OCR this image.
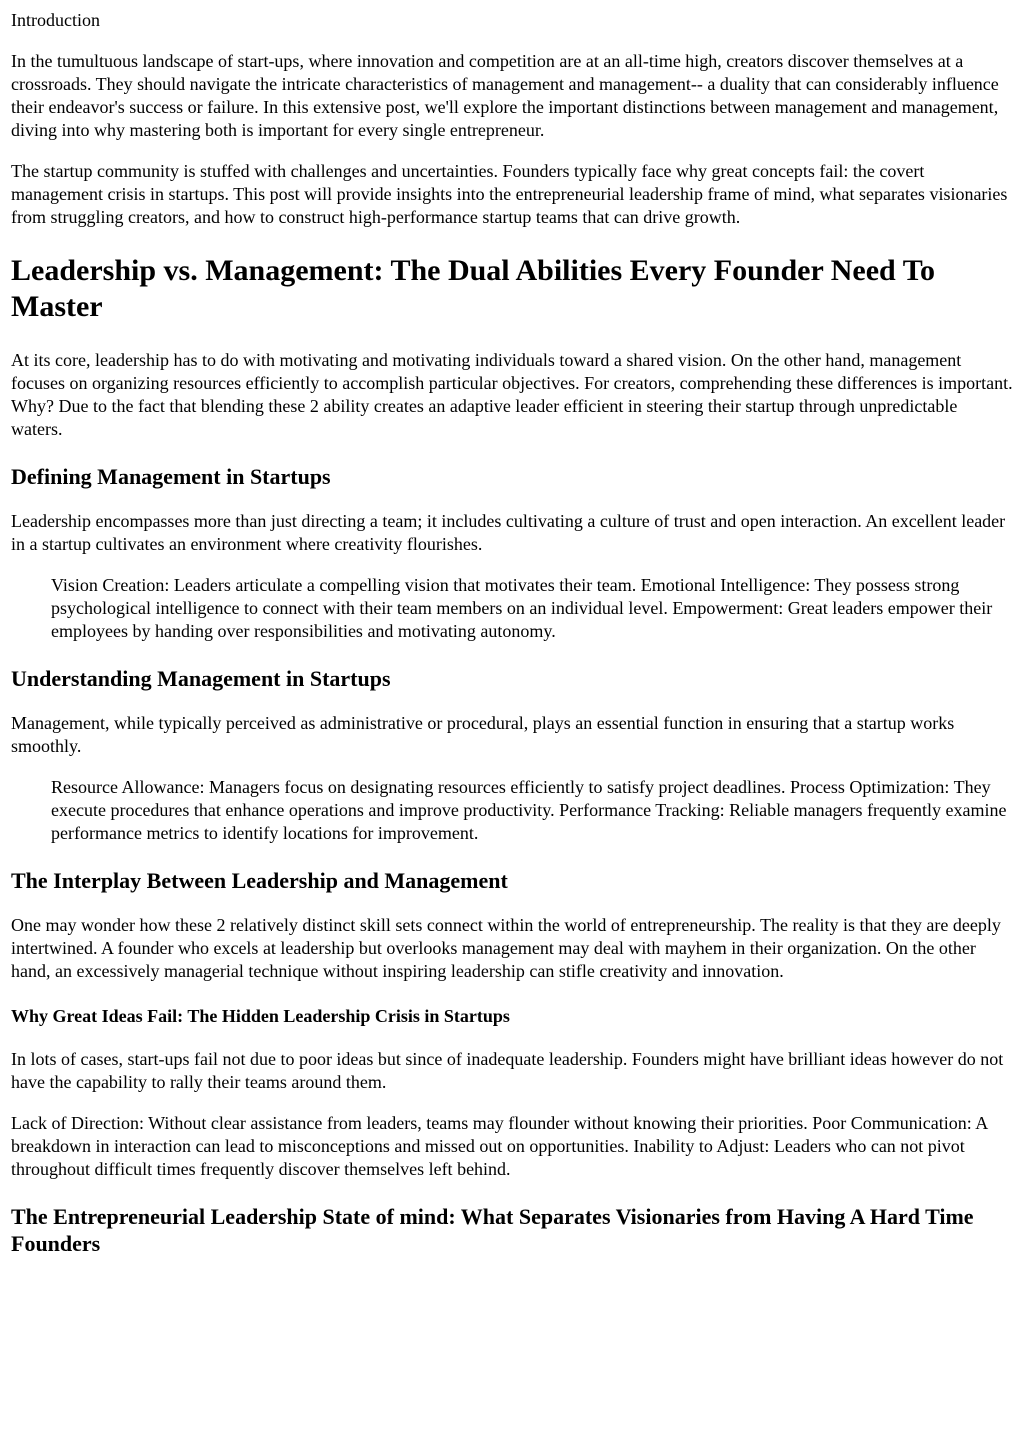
Introduction

In the tumultuous landscape of start-ups, where innovation and competition are at an all-time high, creators discover themselves at a crossroads. They should navigate the intricate characteristics of management and management-- a duality that can considerably influence their endeavor's success or failure. In this extensive post, we'll explore the important distinctions between management and management, diving into why mastering both is important for every single entrepreneur.

The startup community is stuffed with challenges and uncertainties. Founders typically face why great concepts fail: the covert management crisis in startups. This post will provide insights into the entrepreneurial leadership frame of mind, what separates visionaries from struggling creators, and how to construct high-performance startup teams that can drive growth.

Leadership vs. Management: The Dual Abilities Every Founder Need To Master

At its core, leadership has to do with motivating and motivating individuals toward a shared vision. On the other hand, management focuses on organizing resources efficiently to accomplish particular objectives. For creators, comprehending these differences is important. Why? Due to the fact that blending these 2 ability creates an adaptive leader efficient in steering their startup through unpredictable waters.

Defining Management in Startups

Leadership encompasses more than just directing a team; it includes cultivating a culture of trust and open interaction. An excellent leader in a startup cultivates an environment where creativity flourishes.

Vision Creation: Leaders articulate a compelling vision that motivates their team. Emotional Intelligence: They possess strong psychological intelligence to connect with their team members on an individual level. Empowerment: Great leaders empower their employees by handing over responsibilities and motivating autonomy.
Understanding Management in Startups

Management, while typically perceived as administrative or procedural, plays an essential function in ensuring that a startup works smoothly.

Resource Allowance: Managers focus on designating resources efficiently to satisfy project deadlines. Process Optimization: They execute procedures that enhance operations and improve productivity. Performance Tracking: Reliable managers frequently examine performance metrics to identify locations for improvement.
The Interplay Between Leadership and Management

One may wonder how these 2 relatively distinct skill sets connect within the world of entrepreneurship. The reality is that they are deeply intertwined. A founder who excels at leadership but overlooks management may deal with mayhem in their organization. On the other hand, an excessively managerial technique without inspiring leadership can stifle creativity and innovation.

Why Great Ideas Fail: The Hidden Leadership Crisis in Startups

In lots of cases, start-ups fail not due to poor ideas but since of inadequate leadership. Founders might have brilliant ideas however do not have the capability to rally their teams around them.

Lack of Direction: Without clear assistance from leaders, teams may flounder without knowing their priorities. Poor Communication: A breakdown in interaction can lead to misconceptions and missed out on opportunities. Inability to Adjust: Leaders who can not pivot throughout difficult times frequently discover themselves left behind.

The Entrepreneurial Leadership State of mind: What Separates Visionaries from Having A Hard Time Founders
